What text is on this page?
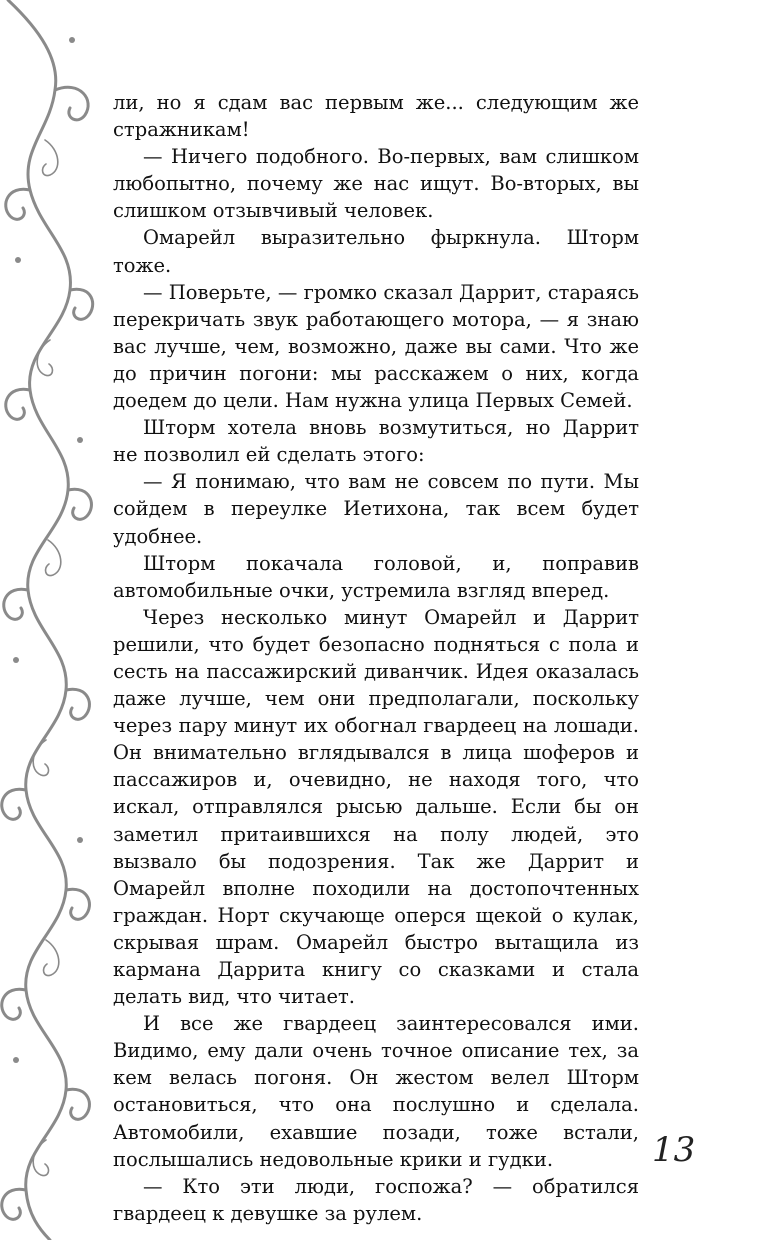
ли, но я сдам вас первым же... следующим же стражникам!

— Ничего подобного. Во-первых, вам слишком любопытно, почему же нас ищут. Во-вторых, вы слишком отзывчивый человек.

Омарейл выразительно фыркнула. Шторм тоже.

— Поверьте, — громко сказал Даррит, стараясь перекричать звук работающего мотора, — я знаю вас лучше, чем, возможно, даже вы сами. Что же до причин погони: мы расскажем о них, когда доедем до цели. Нам нужна улица Первых Семей.

Шторм хотела вновь возмутиться, но Даррит не позволил ей сделать этого:

— Я понимаю, что вам не совсем по пути. Мы сойдем в переулке Иетихона, так всем будет удобнее.

Шторм покачала головой, и, поправив автомобильные очки, устремила взгляд вперед.

Через несколько минут Омарейл и Даррит решили, что будет безопасно подняться с пола и сесть на пассажирский диванчик. Идея оказалась даже лучше, чем они предполагали, поскольку через пару минут их обогнал гвардеец на лошади. Он внимательно вглядывался в лица шоферов и пассажиров и, очевидно, не находя того, что искал, отправлялся рысью дальше. Если бы он заметил притаившихся на полу людей, это вызвало бы подозрения. Так же Даррит и Омарейл вполне походили на достопочтенных граждан. Норт скучающе оперся щекой о кулак, скрывая шрам. Омарейл быстро вытащила из кармана Даррита книгу со сказками и стала делать вид, что читает.

И все же гвардеец заинтересовался ими. Видимо, ему дали очень точное описание тех, за кем велась погоня. Он жестом велел Шторм остановиться, что она послушно и сделала. Автомобили, ехавшие позади, тоже встали, послышались недовольные крики и гудки.

— Кто эти люди, госпожа? — обратился гвардеец к девушке за рулем.

13
